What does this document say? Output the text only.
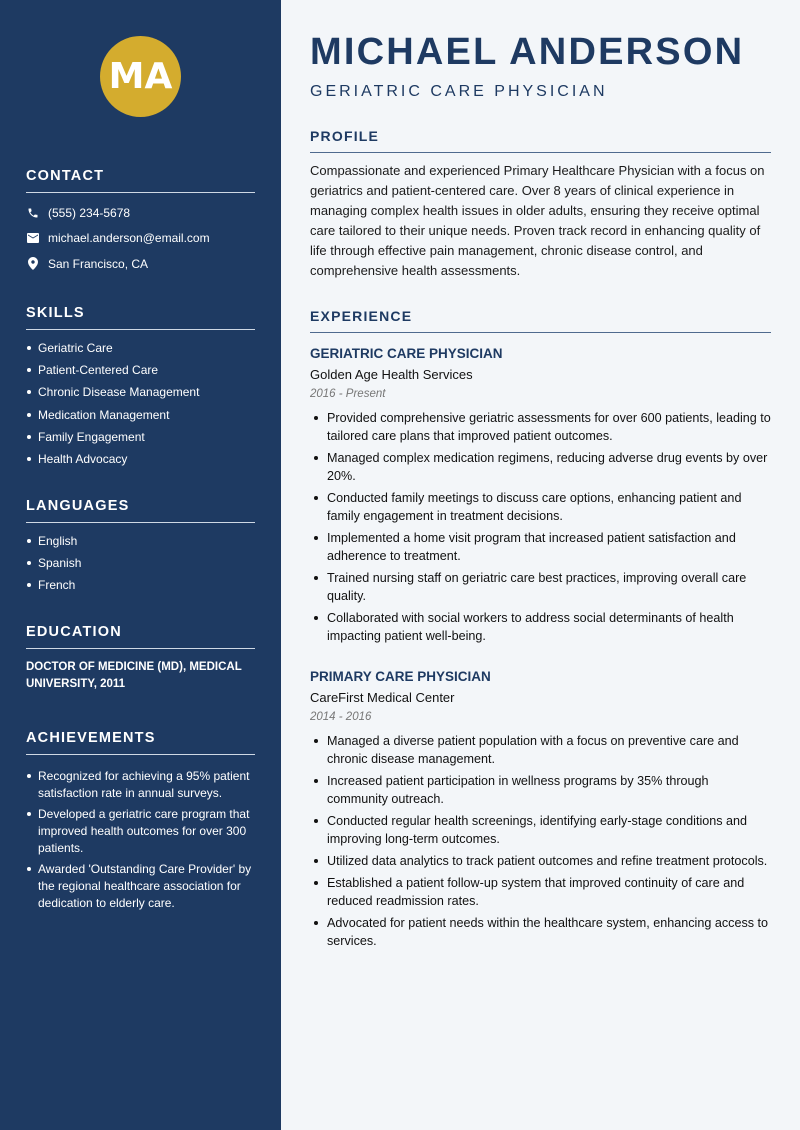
MA
CONTACT
(555) 234-5678
michael.anderson@email.com
San Francisco, CA
SKILLS
Geriatric Care
Patient-Centered Care
Chronic Disease Management
Medication Management
Family Engagement
Health Advocacy
LANGUAGES
English
Spanish
French
EDUCATION
DOCTOR OF MEDICINE (MD), MEDICAL UNIVERSITY, 2011
ACHIEVEMENTS
Recognized for achieving a 95% patient satisfaction rate in annual surveys.
Developed a geriatric care program that improved health outcomes for over 300 patients.
Awarded 'Outstanding Care Provider' by the regional healthcare association for dedication to elderly care.
MICHAEL ANDERSON
GERIATRIC CARE PHYSICIAN
PROFILE
Compassionate and experienced Primary Healthcare Physician with a focus on geriatrics and patient-centered care. Over 8 years of clinical experience in managing complex health issues in older adults, ensuring they receive optimal care tailored to their unique needs. Proven track record in enhancing quality of life through effective pain management, chronic disease control, and comprehensive health assessments.
EXPERIENCE
GERIATRIC CARE PHYSICIAN
Golden Age Health Services
2016 - Present
Provided comprehensive geriatric assessments for over 600 patients, leading to tailored care plans that improved patient outcomes.
Managed complex medication regimens, reducing adverse drug events by over 20%.
Conducted family meetings to discuss care options, enhancing patient and family engagement in treatment decisions.
Implemented a home visit program that increased patient satisfaction and adherence to treatment.
Trained nursing staff on geriatric care best practices, improving overall care quality.
Collaborated with social workers to address social determinants of health impacting patient well-being.
PRIMARY CARE PHYSICIAN
CareFirst Medical Center
2014 - 2016
Managed a diverse patient population with a focus on preventive care and chronic disease management.
Increased patient participation in wellness programs by 35% through community outreach.
Conducted regular health screenings, identifying early-stage conditions and improving long-term outcomes.
Utilized data analytics to track patient outcomes and refine treatment protocols.
Established a patient follow-up system that improved continuity of care and reduced readmission rates.
Advocated for patient needs within the healthcare system, enhancing access to services.
